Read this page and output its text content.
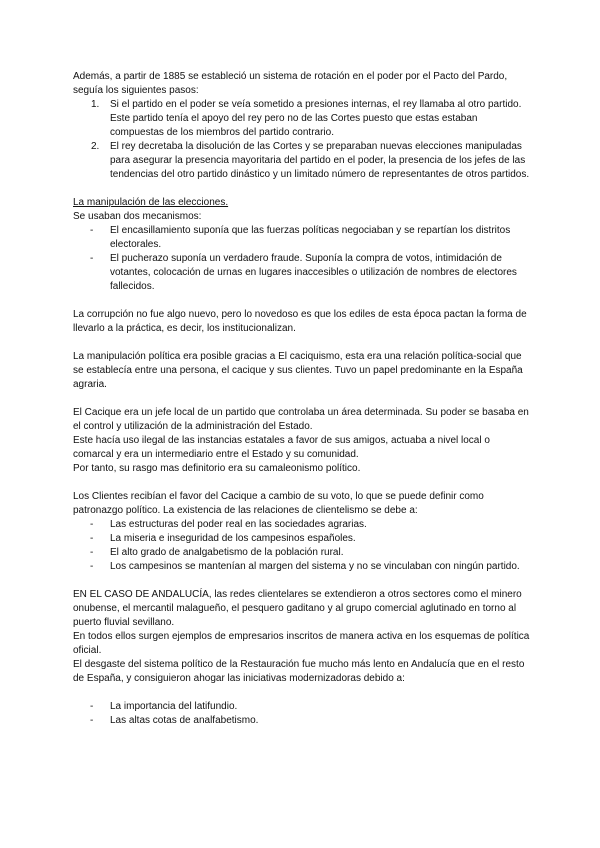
Además, a partir de 1885 se estableció un sistema de rotación en el poder por el Pacto del Pardo, seguía los siguientes pasos:

1. Si el partido en el poder se veía sometido a presiones internas, el rey llamaba al otro partido. Este partido tenía el apoyo del rey pero no de las Cortes puesto que estas estaban compuestas de los miembros del partido contrario.
2. El rey decretaba la disolución de las Cortes y se preparaban nuevas elecciones manipuladas para asegurar la presencia mayoritaria del partido en el poder, la presencia de los jefes de las tendencias del otro partido dinástico y un limitado número de representantes de otros partidos.

La manipulación de las elecciones.

Se usaban dos mecanismos:

- El encasillamiento suponía que las fuerzas políticas negociaban y se repartían los distritos electorales.
- El pucherazo suponía un verdadero fraude. Suponía la compra de votos, intimidación de votantes, colocación de urnas en lugares inaccesibles o utilización de nombres de electores fallecidos.

La corrupción no fue algo nuevo, pero lo novedoso es que los ediles de esta época pactan la forma de llevarlo a la práctica, es decir, los institucionalizan.

La manipulación política era posible gracias a El caciquismo, esta era una relación política-social que se establecía entre una persona, el cacique y sus clientes. Tuvo un papel predominante en la España agraria.

El Cacique era un jefe local de un partido que controlaba un área determinada. Su poder se basaba en el control y utilización de la administración del Estado.

Este hacía uso ilegal de las instancias estatales a favor de sus amigos, actuaba a nivel local o comarcal y era un intermediario entre el Estado y su comunidad.

Por tanto, su rasgo mas definitorio era su camaleonismo político.

Los Clientes recibían el favor del Cacique a cambio de su voto, lo que se puede definir como patronazgo político. La existencia de las relaciones de clientelismo se debe a:

- Las estructuras del poder real en las sociedades agrarias.
- La miseria e inseguridad de los campesinos españoles.
- El alto grado de analgabetismo de la población rural.
- Los campesinos se mantenían al margen del sistema y no se vinculaban con ningún partido.

EN EL CASO DE ANDALUCÍA, las redes clientelares se extendieron a otros sectores como el minero onubense, el mercantil malagueño, el pesquero gaditano y al grupo comercial aglutinado en torno al puerto fluvial sevillano.

En todos ellos surgen ejemplos de empresarios inscritos de manera activa en los esquemas de política oficial.

El desgaste del sistema político de la Restauración fue mucho más lento en Andalucía que en el resto de España, y consiguieron ahogar las iniciativas modernizadoras debido a:

- La importancia del latifundio.
- Las altas cotas de analfabetismo.
